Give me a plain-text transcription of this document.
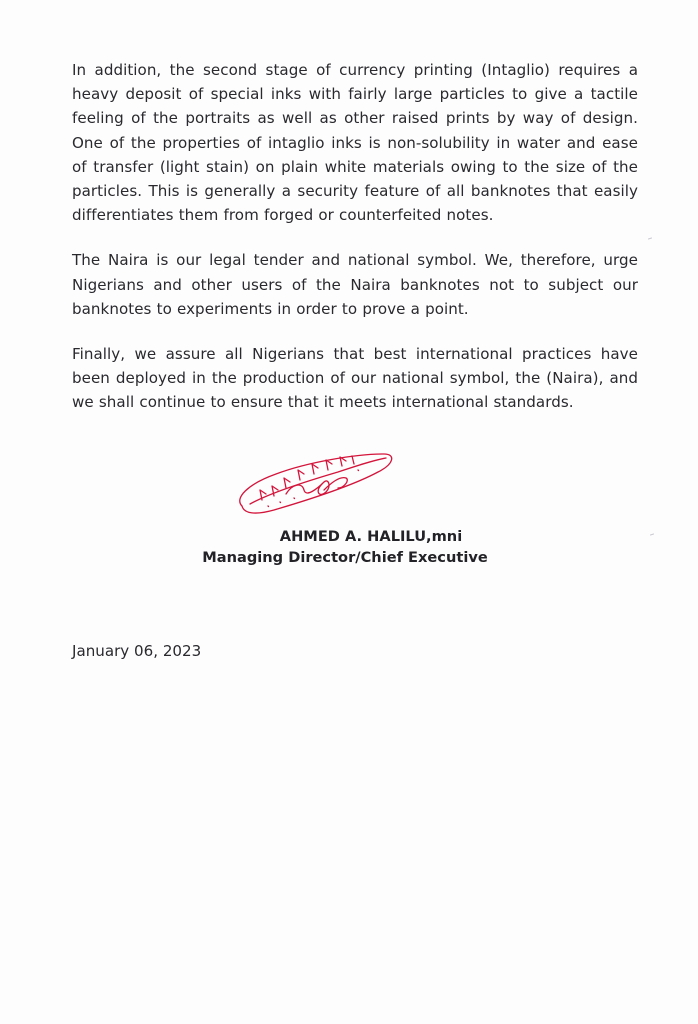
In addition, the second stage of currency printing (Intaglio) requires a heavy deposit of special inks with fairly large particles to give a tactile feeling of the portraits as well as other raised prints by way of design. One of the properties of intaglio inks is non-solubility in water and ease of transfer (light stain) on plain white materials owing to the size of the particles. This is generally a security feature of all banknotes that easily differentiates them from forged or counterfeited notes.

The Naira is our legal tender and national symbol. We, therefore, urge Nigerians and other users of the Naira banknotes not to subject our banknotes to experiments in order to prove a point.

Finally, we assure all Nigerians that best international practices have been deployed in the production of our national symbol, the (Naira), and we shall continue to ensure that it meets international standards.

AHMED A. HALILU,mni
Managing Director/Chief Executive
January 06, 2023
